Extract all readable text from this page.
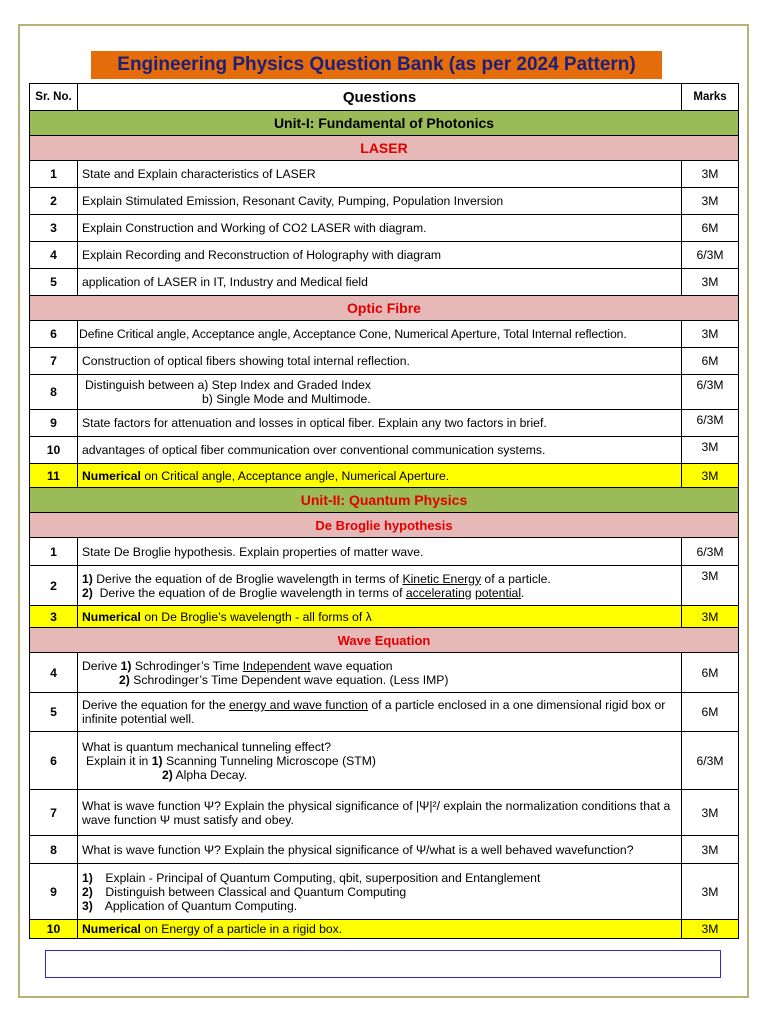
Engineering Physics Question Bank (as per 2024 Pattern)
Sr. No.	Questions	Marks
Unit-I: Fundamental of Photonics		
LASER		
1	State and Explain characteristics of LASER	3M
2	Explain Stimulated Emission, Resonant Cavity, Pumping, Population Inversion	3M
3	Explain Construction and Working of CO2 LASER with diagram.	6M
4	Explain Recording and Reconstruction of Holography with diagram	6/3M
5	application of LASER in IT, Industry and Medical field	3M
Optic Fibre		
6	Define Critical angle, Acceptance angle, Acceptance Cone, Numerical Aperture, Total Internal reflection.	3M
7	Construction of optical fibers showing total internal reflection.	6M
8	Distinguish between a) Step Index and Graded Index
b) Single Mode and Multimode.	6/3M
9	State factors for attenuation and losses in optical fiber. Explain any two factors in brief.	6/3M
10	advantages of optical fiber communication over conventional communication systems.	3M
11	Numerical on Critical angle, Acceptance angle, Numerical Aperture.	3M
Unit-II: Quantum Physics		
De Broglie hypothesis		
1	State De Broglie hypothesis. Explain properties of matter wave.	6/3M
2	1) Derive the equation of de Broglie wavelength in terms of Kinetic Energy of a particle.
2) Derive the equation of de Broglie wavelength in terms of accelerating potential.	3M
3	Numerical on De Broglie’s wavelength - all forms of λ	3M
Wave Equation		
4	Derive 1) Schrodinger’s Time Independent wave equation
2) Schrodinger’s Time Dependent wave equation. (Less IMP)	6M
5	Derive the equation for the energy and wave function of a particle enclosed in a one dimensional rigid box or infinite potential well.	6M
6	What is quantum mechanical tunneling effect?
Explain it in 1) Scanning Tunneling Microscope (STM)
2) Alpha Decay.	6/3M
7	What is wave function Ψ? Explain the physical significance of |Ψ|²/ explain the normalization conditions that a wave function Ψ must satisfy and obey.	3M
8	What is wave function Ψ? Explain the physical significance of Ψ/what is a well behaved wavefunction?	3M
9	1) Explain - Principal of Quantum Computing, qbit, superposition and Entanglement
2) Distinguish between Classical and Quantum Computing
3) Application of Quantum Computing.	3M
10	Numerical on Energy of a particle in a rigid box.	3M
